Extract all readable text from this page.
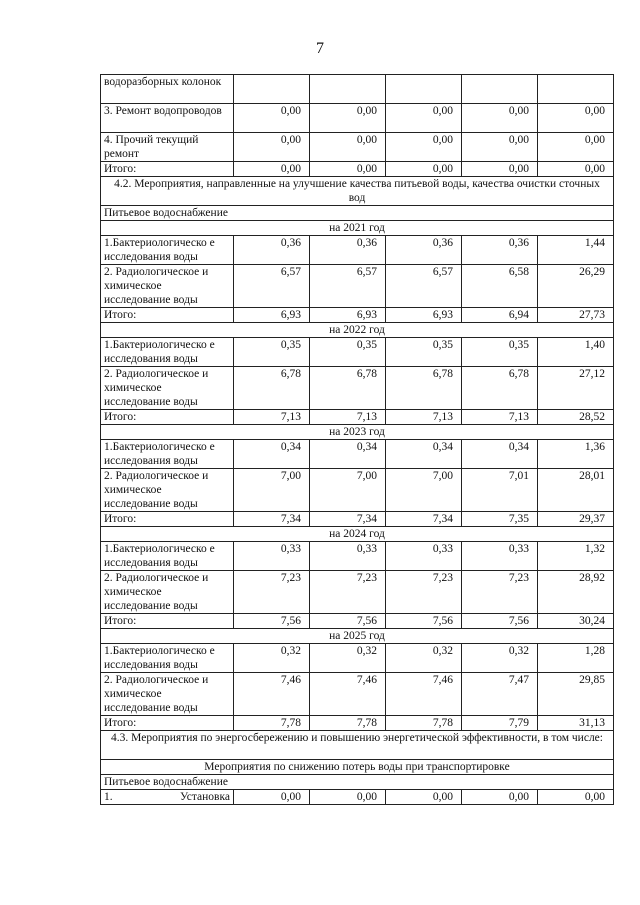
7
водоразборных колонок					
3. Ремонт водопроводов	0,00	0,00	0,00	0,00	0,00
4. Прочий текущий ремонт	0,00	0,00	0,00	0,00	0,00
Итого:	0,00	0,00	0,00	0,00	0,00
4.2. Мероприятия, направленные на улучшение качества питьевой воды, качества очистки сточных вод					
Питьевое водоснабжение					
на 2021 год					
1.Бактериологическо е исследования воды	0,36	0,36	0,36	0,36	1,44
2. Радиологическое и химическое исследование воды	6,57	6,57	6,57	6,58	26,29
Итого:	6,93	6,93	6,93	6,94	27,73
на 2022 год					
1.Бактериологическо е исследования воды	0,35	0,35	0,35	0,35	1,40
2. Радиологическое и химическое исследование воды	6,78	6,78	6,78	6,78	27,12
Итого:	7,13	7,13	7,13	7,13	28,52
на 2023 год					
1.Бактериологическо е исследования воды	0,34	0,34	0,34	0,34	1,36
2. Радиологическое и химическое исследование воды	7,00	7,00	7,00	7,01	28,01
Итого:	7,34	7,34	7,34	7,35	29,37
на 2024 год					
1.Бактериологическо е исследования воды	0,33	0,33	0,33	0,33	1,32
2. Радиологическое и химическое исследование воды	7,23	7,23	7,23	7,23	28,92
Итого:	7,56	7,56	7,56	7,56	30,24
на 2025 год					
1.Бактериологическо е исследования воды	0,32	0,32	0,32	0,32	1,28
2. Радиологическое и химическое исследование воды	7,46	7,46	7,46	7,47	29,85
Итого:	7,78	7,78	7,78	7,79	31,13
4.3. Мероприятия по энергосбережению и повышению энергетической эффективности, в том числе:					
Мероприятия по снижению потерь воды при транспортировке					
Питьевое водоснабжение					
1. Установка	0,00	0,00	0,00	0,00	0,00
